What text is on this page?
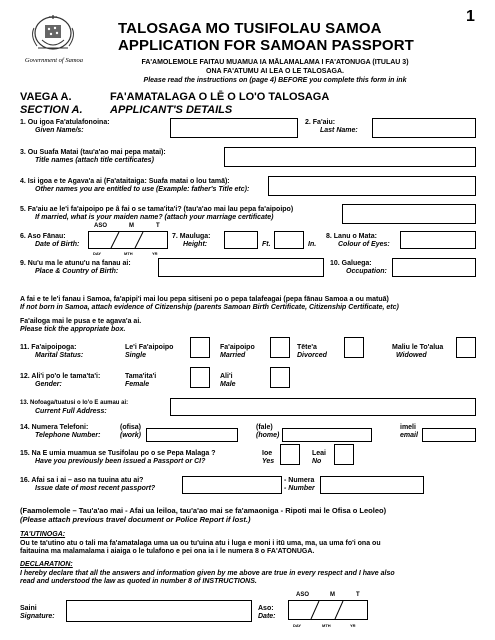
Government of Samoa
1
TALOSAGA MO TUSIFOLAU SAMOA
APPLICATION FOR SAMOAN PASSPORT
FA'AMOLEMOLE FAITAU MUAMUA IA MĀLAMALAMA I FA'ATONUGA (ITULAU 3)
ONA FA'ATUMU AI LEA O LE TALOSAGA.
Please read the instructions on (page 4) BEFORE you complete this form in ink
VAEGA A.	FA'AMATALAGA O LĒ O LO'O TALOSAGA
SECTION A. APPLICANT'S DETAILS
1. Ou igoa Fa'atulafonoina:
Given Name/s:
2. Fa'aiu:
Last Name:
3. Ou Suafa Matai (tau'a'ao mai pepa matai):
Title names (attach title certificates)
4. Isi igoa e te Agava'a ai (Fa'ataitaiga: Suafa matai o lou tamā):
Other names you are entitled to use (Example: father's Title etc):
5. Fa'aiu ae le'i fa'aipoipo pe â fai o se tama'ita'i? (tau'a'ao mai lau pepa fa'aipoipo)
If married, what is your maiden name? (attach your marriage certificate)
ASO	M	T
6. Aso Fānau:
Date of Birth:
DAY	MTH	YR
7. Mauluga:
Height:	Ft.	In.
8. Lanu o Mata:
Colour of Eyes:
9. Nu'u ma le atunu'u na fanau ai:
Place & Country of Birth:
10. Galuega:
Occupation:
A fai e te le'i fanau i Samoa, fa'apipi'i mai lou pepa sitiseni po o pepa talafeagai (pepa fānau Samoa a ou matuā)
If not born in Samoa, attach evidence of Citizenship (parents Samoan Birth Certificate, Citizenship Certificate, etc)
Fa'ailoga mai le pusa e te agava'a ai.
Please tick the appropriate box.
11. Fa'aipoipoga:
Marital Status:
Le'i Fa'aipoipo
Single
Fa'aipoipo
Married
Tēte'a
Divorced
Maliu le To'alua
Widowed
12. Ali'i po'o le tama'ta'i:
Gender:
Tama'ita'i
Female
Ali'i
Male
13. Nofoaga/tuatusi o lo'o E aumau ai:
Current Full Address:
14. Numera Telefoni:
Telephone Number:
(ofisa)
(work)
(fale)
(home)
imeli
email
15. Na E umia muamua se Tusifolau po o se Pepa Malaga ?
Have you previously been issued a Passport or CI?
Ioe
Yes
Leai
No
16. Afai sa i ai – aso na tuuina atu ai?
Issue date of most recent passport?
- Numera
- Number
(Faamolemole – Tau'a'ao mai - Afai ua leiloa, tau'a'ao mai se fa'amaoniga - Ripoti mai le Ofisa o Leoleo)
(Please attach previous travel document or Police Report if lost.)
TA'UTINOGA:
Ou te ta'utino atu o tali ma fa'amatalaga uma ua ou tu'uina atu i luga e moni i itū uma, ma, ua uma fo'i ona ou
faitauina ma malamalama i aiaiga o le tulafono e pei ona ia i le numera 8 o FA'ATONUGA.
DECLARATION:
I hereby declare that all the answers and information given by me above are true in every respect and I have also
read and understood the law as quoted in number 8 of INSTRUCTIONS.
ASO	M	T
Saini
Signature:
Aso:
Date:
DAY	MTH	YR
